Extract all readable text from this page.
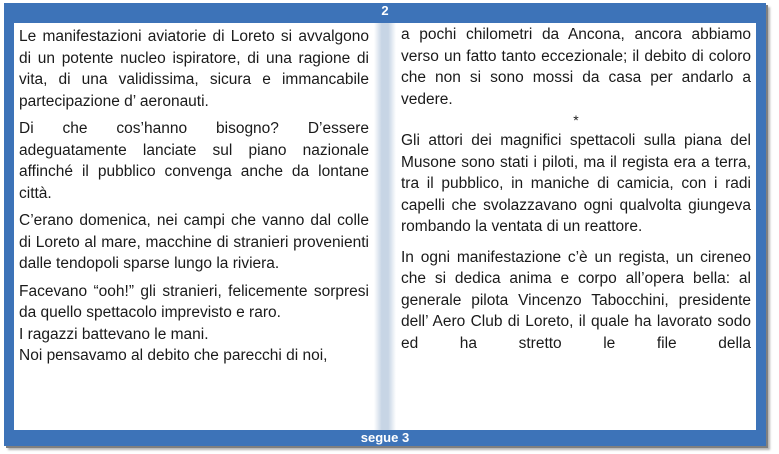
2

Le manifestazioni aviatorie di Loreto si avvalgono di un potente nucleo ispiratore, di una ragione di vita, di una validissima, sicura e immancabile partecipazione d’ aeronauti.

Di che cos’hanno bisogno? D’essere adeguatamente lanciate sul piano nazionale affinché il pubblico convenga anche da lontane città.

C’erano domenica, nei campi che vanno dal colle di Loreto al mare, macchine di stranieri provenienti dalle tendopoli sparse lungo la riviera.

Facevano “ooh!” gli stranieri, felicemente sorpresi da quello spettacolo imprevisto e raro.

I ragazzi battevano le mani.

Noi pensavamo al debito che parecchi di noi,

a pochi chilometri da Ancona, ancora abbiamo verso un fatto tanto eccezionale; il debito di coloro che non si sono mossi da casa per andarlo a vedere.

*

Gli attori dei magnifici spettacoli sulla piana del Musone sono stati i piloti, ma il regista era a terra, tra il pubblico, in maniche di camicia, con i radi capelli che svolazzavano ogni qualvolta giungeva rombando la ventata di un reattore.

In ogni manifestazione c’è un regista, un cireneo che si dedica anima e corpo all’opera bella: al generale pilota Vincenzo Tabocchini, presidente dell’ Aero Club di Loreto, il quale ha lavorato sodo ed ha stretto le file della

segue 3
